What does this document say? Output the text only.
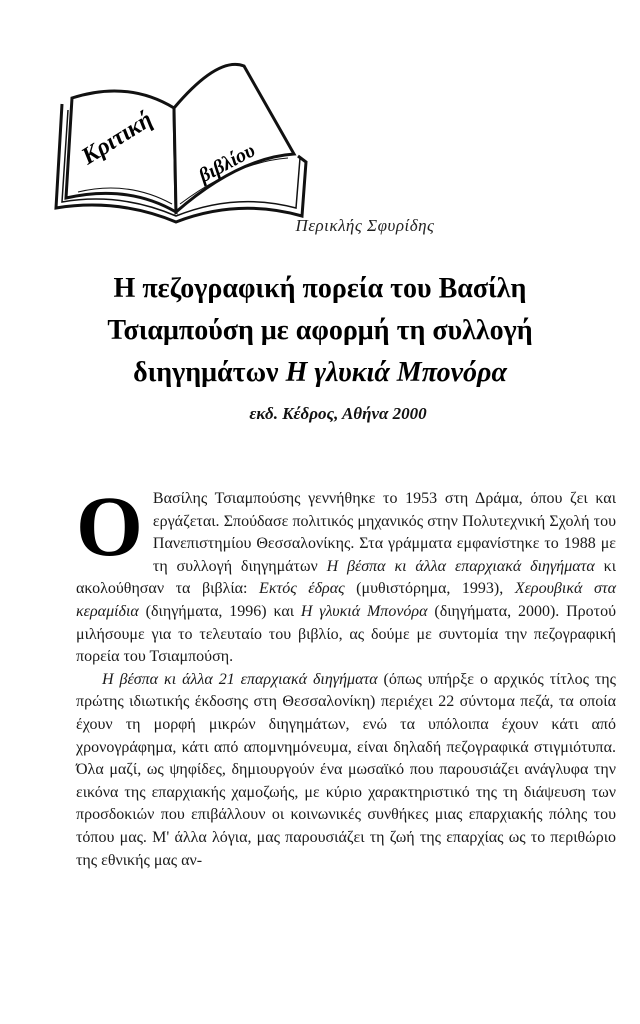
Κριτική βιβλίου
Περικλής Σφυρίδης
Η πεζογραφική πορεία του Βασίλη
Τσιαμπούση με αφορμή τη συλλογή
διηγημάτων Η γλυκιά Μπονόρα
εκδ. Κέδρος, Αθήνα 2000

Ο Βασίλης Τσιαμπούσης γεννήθηκε το 1953 στη Δράμα, όπου ζει και εργάζεται. Σπούδασε πολιτικός μηχανικός στην Πολυτεχνική Σχολή του Πανεπιστημίου Θεσσαλονίκης. Στα γράμματα εμφανίστηκε το 1988 με τη συλλογή διηγημάτων Η βέσπα κι άλλα επαρχιακά διηγήματα κι ακολούθησαν τα βιβλία: Εκτός έδρας (μυθιστόρημα, 1993), Χερουβικά στα κεραμίδια (διηγήματα, 1996) και Η γλυκιά Μπονόρα (διηγήματα, 2000). Προτού μιλήσουμε για το τελευταίο του βιβλίο, ας δούμε με συντομία την πεζογραφική πορεία του Τσιαμπούση.

Η βέσπα κι άλλα 21 επαρχιακά διηγήματα (όπως υπήρξε ο αρχικός τίτλος της πρώτης ιδιωτικής έκδοσης στη Θεσσαλονίκη) περιέχει 22 σύντομα πεζά, τα οποία έχουν τη μορφή μικρών διηγημάτων, ενώ τα υπόλοιπα έχουν κάτι από χρονογράφημα, κάτι από απομνημόνευμα, είναι δηλαδή πεζογραφικά στιγμιότυπα. Όλα μαζί, ως ψηφίδες, δημιουργούν ένα μωσαϊκό που παρουσιάζει ανάγλυφα την εικόνα της επαρχιακής χαμοζωής, με κύριο χαρακτηριστικό της τη διάψευση των προσδοκιών που επιβάλλουν οι κοινωνικές συνθήκες μιας επαρχιακής πόλης του τόπου μας. Μ' άλλα λόγια, μας παρουσιάζει τη ζωή της επαρχίας ως το περιθώριο της εθνικής μας αν-
